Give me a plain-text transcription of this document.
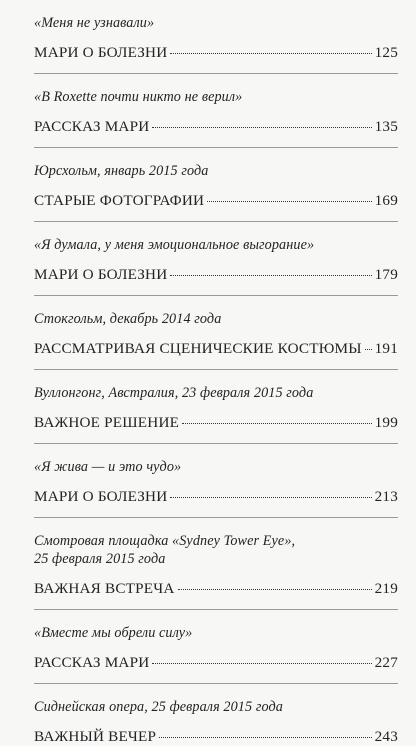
«Меня не узнавали»
МАРИ О БОЛЕЗНИ	125
«В Roxette почти никто не верил»
РАССКАЗ МАРИ	135
Юрсхольм, январь 2015 года
СТАРЫЕ ФОТОГРАФИИ	169
«Я думала, у меня эмоциональное выгорание»
МАРИ О БОЛЕЗНИ	179
Стокгольм, декабрь 2014 года
РАССМАТРИВАЯ СЦЕНИЧЕСКИЕ КОСТЮМЫ 191
Вуллонгонг, Австралия, 23 февраля 2015 года
ВАЖНОЕ РЕШЕНИЕ	199
«Я жива — и это чудо»
МАРИ О БОЛЕЗНИ	213
Смотровая площадка «Sydney Tower Eye»,
25 февраля 2015 года
ВАЖНАЯ ВСТРЕЧА	219
«Вместе мы обрели силу»
РАССКАЗ МАРИ	227
Сиднейская опера, 25 февраля 2015 года
ВАЖНЫЙ ВЕЧЕР	243
